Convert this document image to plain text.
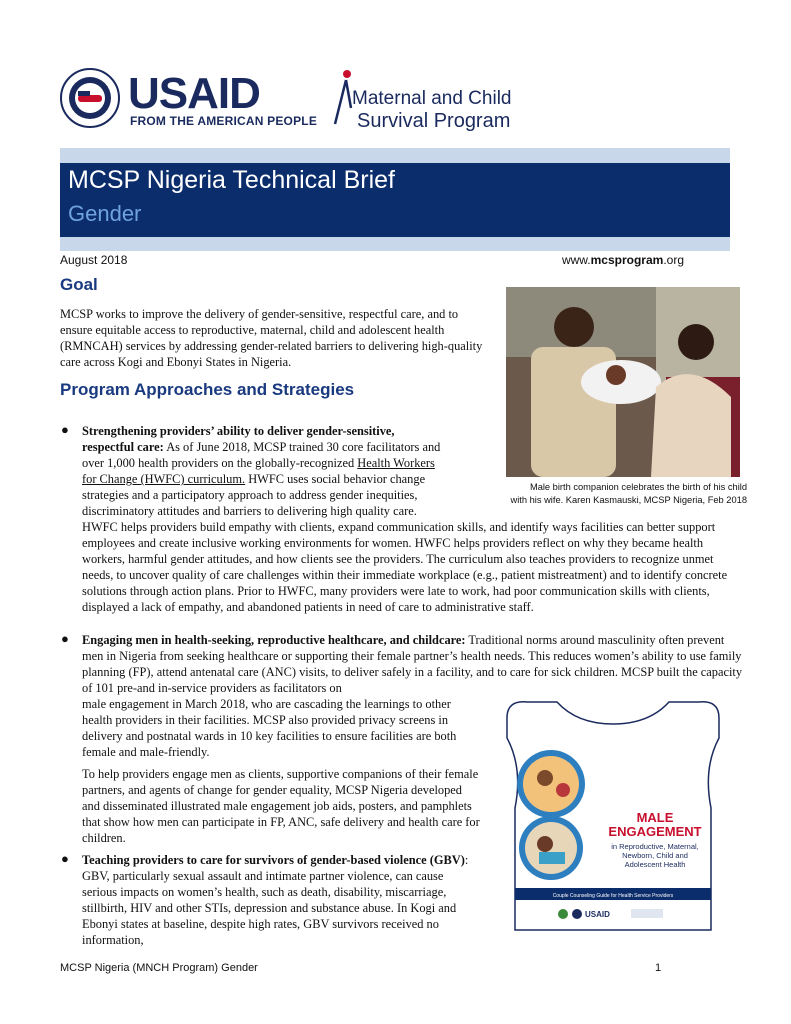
USAID
FROM THE AMERICAN PEOPLE
Maternal and Child
Survival Program
MCSP Nigeria Technical Brief
Gender
August 2018	www.mcsprogram.org
Goal
MCSP works to improve the delivery of gender-sensitive, respectful care, and to ensure equitable access to reproductive, maternal, child and adolescent health (RMNCAH) services by addressing gender-related barriers to delivering high-quality care across Kogi and Ebonyi States in Nigeria.
Male birth companion celebrates the birth of his child
with his wife. Karen Kasmauski, MCSP Nigeria, Feb 2018
Program Approaches and Strategies
● Strengthening providers’ ability to deliver gender-sensitive,
respectful care: As of June 2018, MCSP trained 30 core facilitators and
over 1,000 health providers on the globally-recognized Health Workers
for Change (HWFC) curriculum. HWFC uses social behavior change
strategies and a participatory approach to address gender inequities,
discriminatory attitudes and barriers to delivering high quality care.
HWFC helps providers build empathy with clients, expand communication skills, and identify ways facilities can better support employees and create inclusive working environments for women. HWFC helps providers reflect on why they became health workers, harmful gender attitudes, and how clients see the providers. The curriculum also teaches providers to recognize unmet needs, to uncover quality of care challenges within their immediate workplace (e.g., patient mistreatment) and to identify concrete solutions through action plans. Prior to HWFC, many providers were late to work, had poor communication skills with clients, displayed a lack of empathy, and abandoned patients in need of care to administrative staff.
● Engaging men in health-seeking, reproductive healthcare, and childcare: Traditional norms around masculinity often prevent men in Nigeria from seeking healthcare or supporting their female partner’s health needs. This reduces women’s ability to use family planning (FP), attend antenatal care (ANC) visits, to deliver safely in a facility, and to care for sick children. MCSP built the capacity of 101 pre-and in-service providers as facilitators on
male engagement in March 2018, who are cascading the learnings to other health providers in their facilities. MCSP also provided privacy screens in delivery and postnatal wards in 10 key facilities to ensure facilities are both female and male-friendly.
To help providers engage men as clients, supportive companions of their female partners, and agents of change for gender equality, MCSP Nigeria developed and disseminated illustrated male engagement job aids, posters, and pamphlets that show how men can participate in FP, ANC, safe delivery and health care for children.
● Teaching providers to care for survivors of gender-based violence (GBV): GBV, particularly sexual assault and intimate partner violence, can cause serious impacts on women’s health, such as death, disability, miscarriage, stillbirth, HIV and other STIs, depression and substance abuse. In Kogi and Ebonyi states at baseline, despite high rates, GBV survivors received no information,
MALE
ENGAGEMENT
in Reproductive, Maternal,
Newborn, Child and
Adolescent Health
Couple Counseling Guide for Health Service Providers
USAID
MCSP Nigeria (MNCH Program) Gender	1
